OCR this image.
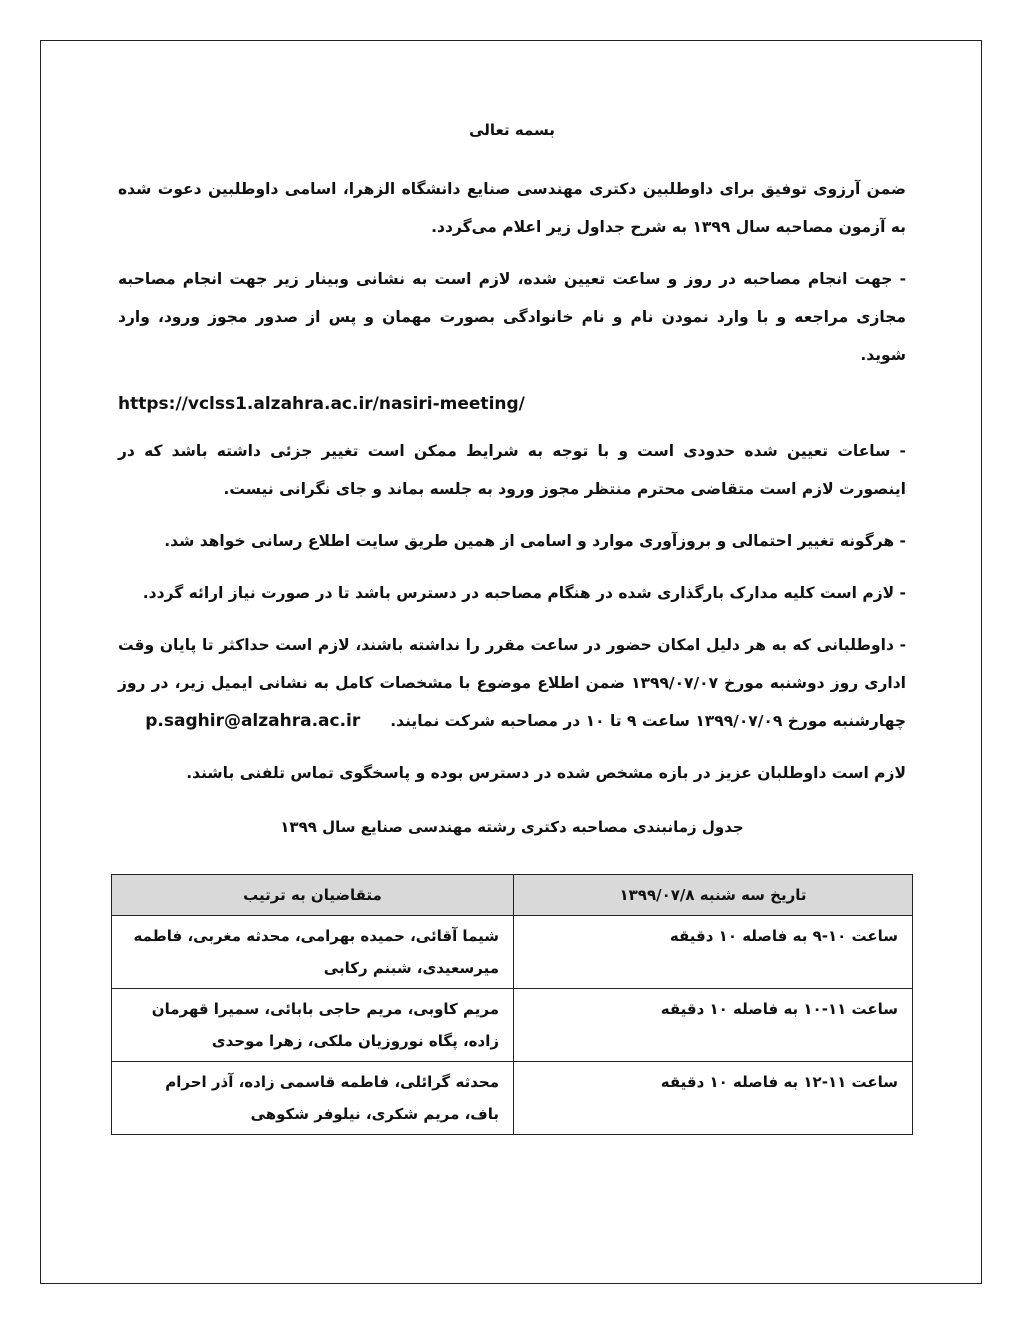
بسمه تعالی

ضمن آرزوی توفیق برای داوطلبین دکتری مهندسی صنایع دانشگاه الزهرا، اسامی داوطلبین دعوت شده به آزمون مصاحبه سال ۱۳۹۹ به شرح جداول زیر اعلام می‌گردد.

- جهت انجام مصاحبه در روز و ساعت تعیین شده، لازم است به نشانی وبینار زیر جهت انجام مصاحبه مجازی مراجعه و با وارد نمودن نام و نام خانوادگی بصورت مهمان و پس از صدور مجوز ورود، وارد شوید.

https://vclss1.alzahra.ac.ir/nasiri-meeting/

- ساعات تعیین شده حدودی است و با توجه به شرایط ممکن است تغییر جزئی داشته باشد که در اینصورت لازم است متقاضی محترم منتظر مجوز ورود به جلسه بماند و جای نگرانی نیست.

- هرگونه تغییر احتمالی و بروزآوری موارد و اسامی از همین طریق سایت اطلاع رسانی خواهد شد.

- لازم است کلیه مدارک بارگذاری شده در هنگام مصاحبه در دسترس باشد تا در صورت نیاز ارائه گردد.

- داوطلبانی که به هر دلیل امکان حضور در ساعت مقرر را نداشته باشند، لازم است حداکثر تا پایان وقت اداری روز دوشنبه مورخ ۱۳۹۹/۰۷/۰۷ ضمن اطلاع موضوع با مشخصات کامل به نشانی ایمیل زیر، در روز چهارشنبه مورخ ۱۳۹۹/۰۷/۰۹ ساعت ۹ تا ۱۰ در مصاحبه شرکت نمایند.p.saghir@alzahra.ac.ir

لازم است داوطلبان عزیز در بازه مشخص شده در دسترس بوده و پاسخگوی تماس تلفنی باشند.

جدول زمانبندی مصاحبه دکتری رشته مهندسی صنایع سال ۱۳۹۹
تاریخ سه شنبه ۱۳۹۹/۰۷/۸	متقاضیان به ترتیب
ساعت ۱۰-۹ به فاصله ۱۰ دقیقه	شیما آقائی، حمیده بهرامی، محدثه مغربی، فاطمه میرسعیدی، شبنم رکابی
ساعت ۱۱-۱۰ به فاصله ۱۰ دقیقه	مریم کاوبی، مریم حاجی بابائی، سمیرا قهرمان زاده، پگاه نوروزیان ملکی، زهرا موحدی
ساعت ۱۱-۱۲ به فاصله ۱۰ دقیقه	محدثه گرائلی، فاطمه قاسمی زاده، آذر احرام باف، مریم شکری، نیلوفر شکوهی
